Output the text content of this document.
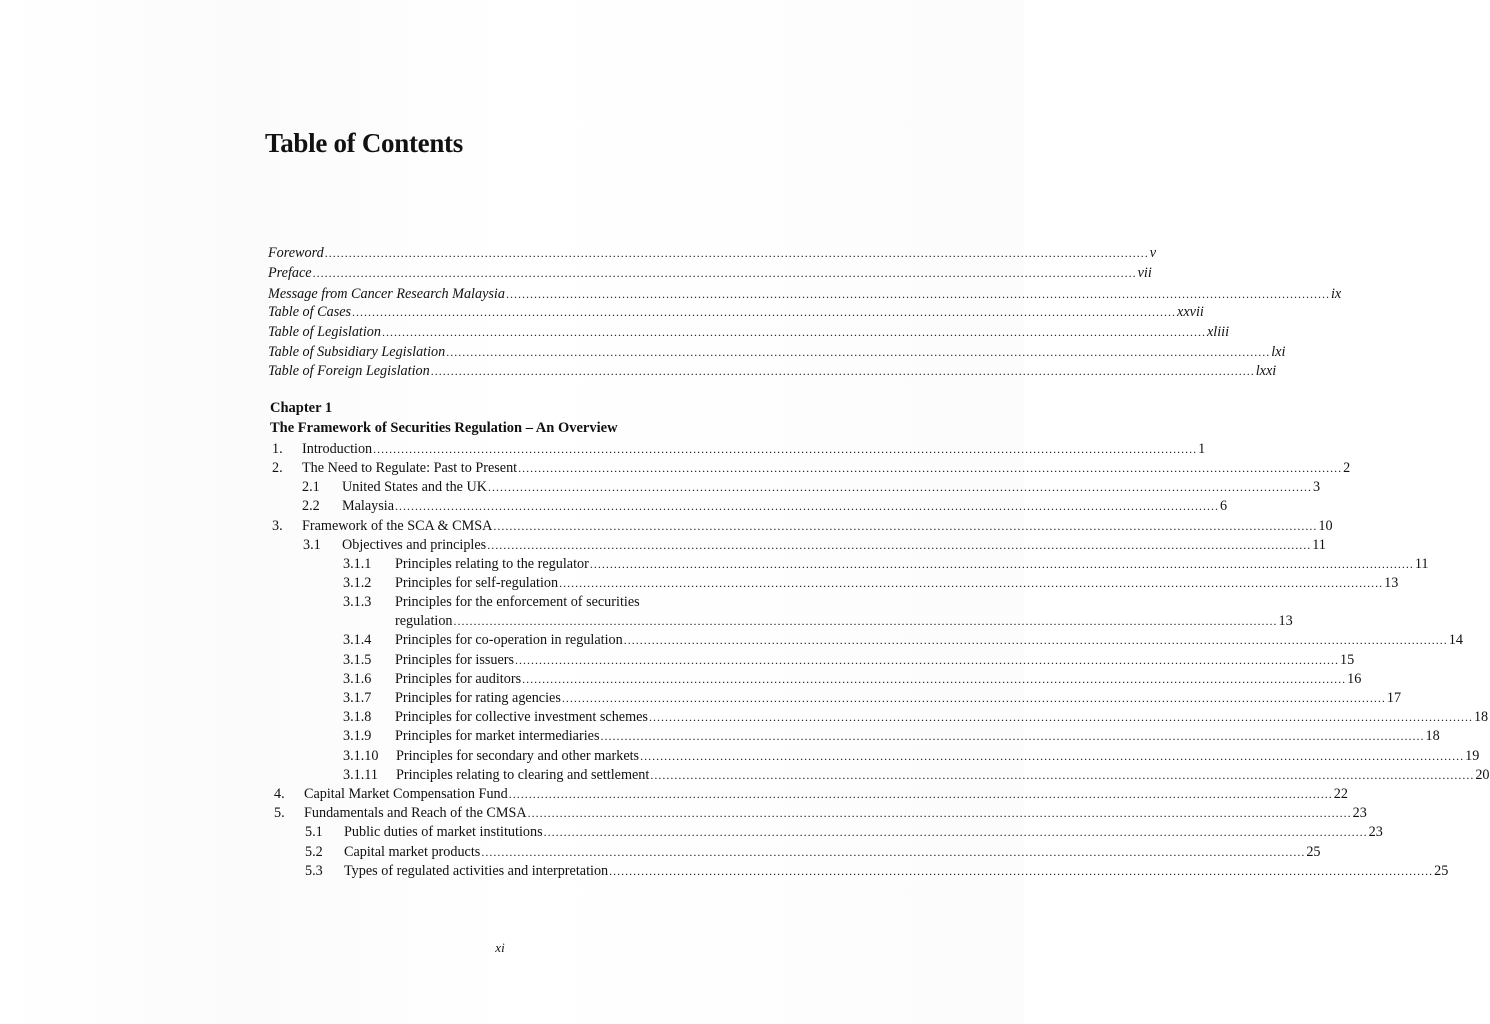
Table of Contents
Foreword .....	v
Preface .....	vii
Message from Cancer Research Malaysia .....	ix
Table of Cases .....	xxvii
Table of Legislation .....	xliii
Table of Subsidiary Legislation .....	lxi
Table of Foreign Legislation .....	lxxi
Chapter 1
The Framework of Securities Regulation – An Overview
1.	Introduction .....	1
2.	The Need to Regulate: Past to Present .....	2
2.1	United States and the UK .....	3
2.2	Malaysia .....	6
3.	Framework of the SCA & CMSA .....	10
3.1	Objectives and principles .....	11
3.1.1	Principles relating to the regulator .....	11
3.1.2	Principles for self-regulation .....	13
3.1.3	Principles for the enforcement of securities
regulation .....	13
3.1.4	Principles for co-operation in regulation .....	14
3.1.5	Principles for issuers .....	15
3.1.6	Principles for auditors .....	16
3.1.7	Principles for rating agencies .....	17
3.1.8	Principles for collective investment schemes .....	18
3.1.9	Principles for market intermediaries .....	18
3.1.10	Principles for secondary and other markets .....	19
3.1.11	Principles relating to clearing and settlement .....	20
4.	Capital Market Compensation Fund .....	22
5.	Fundamentals and Reach of the CMSA .....	23
5.1	Public duties of market institutions .....	23
5.2	Capital market products .....	25
5.3	Types of regulated activities and interpretation .....	25
xi
